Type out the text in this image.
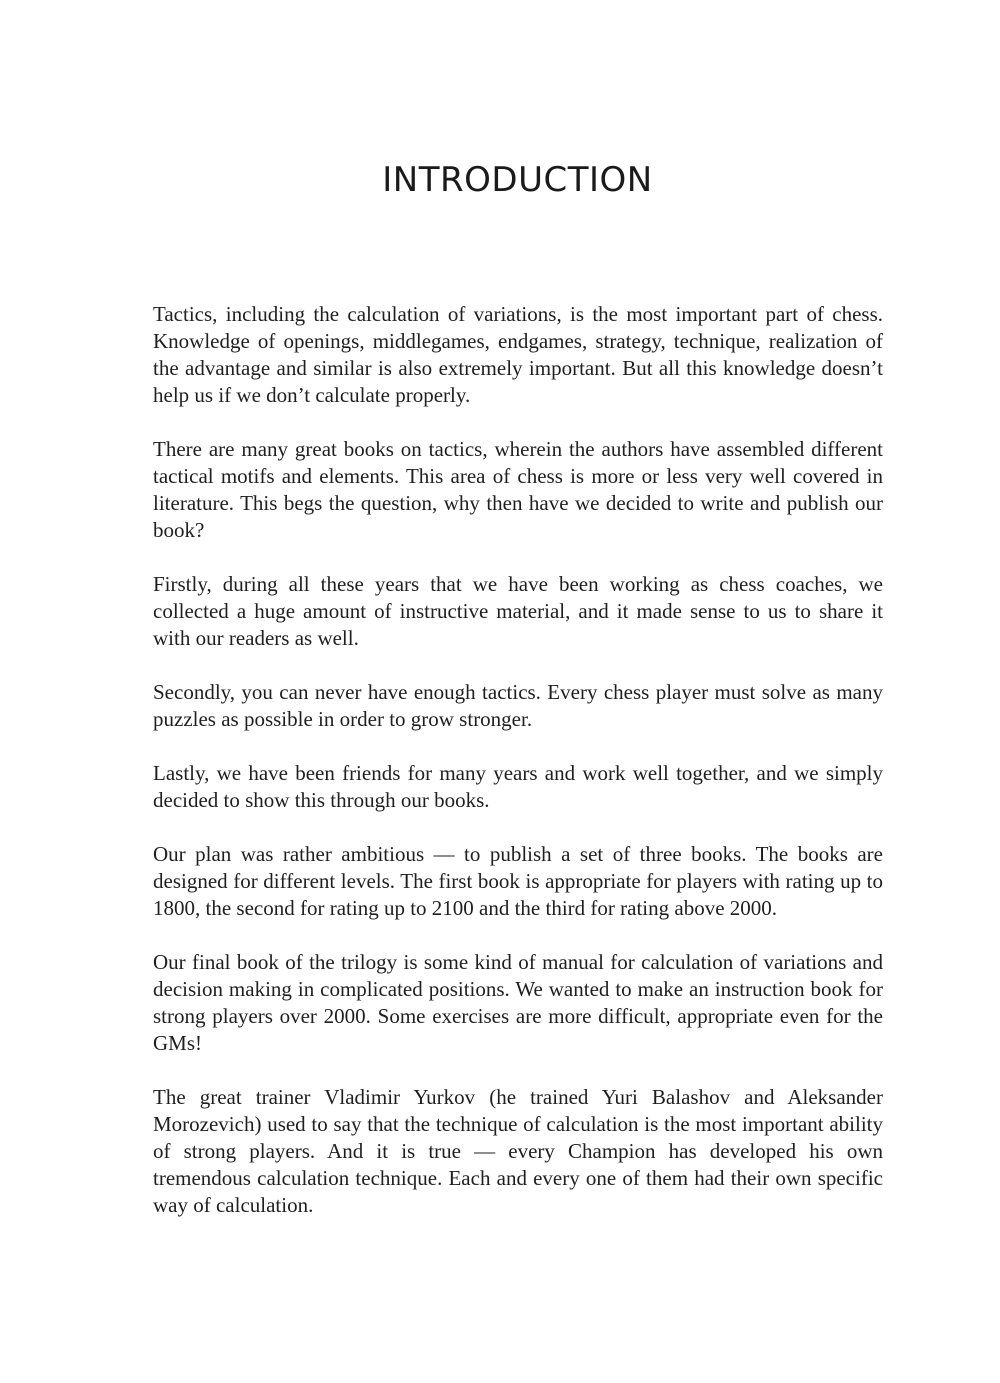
INTRODUCTION

Tactics, including the calculation of variations, is the most important part of chess. Knowledge of openings, middlegames, endgames, strategy, technique, realization of the advantage and similar is also extremely important. But all this knowledge doesn’t help us if we don’t calculate properly.

There are many great books on tactics, wherein the authors have assembled different tactical motifs and elements. This area of chess is more or less very well covered in literature. This begs the question, why then have we decided to write and publish our book?

Firstly, during all these years that we have been working as chess coaches, we collected a huge amount of instructive material, and it made sense to us to share it with our readers as well.

Secondly, you can never have enough tactics. Every chess player must solve as many puzzles as possible in order to grow stronger.

Lastly, we have been friends for many years and work well together, and we simply decided to show this through our books.

Our plan was rather ambitious — to publish a set of three books. The books are designed for different levels. The first book is appropriate for players with rating up to 1800, the second for rating up to 2100 and the third for rating above 2000.

Our final book of the trilogy is some kind of manual for calculation of variations and decision making in complicated positions. We wanted to make an instruction book for strong players over 2000. Some exercises are more difficult, appropriate even for the GMs!

The great trainer Vladimir Yurkov (he trained Yuri Balashov and Aleksander Morozevich) used to say that the technique of calculation is the most important ability of strong players. And it is true — every Champion has developed his own tremendous calculation technique. Each and every one of them had their own specific way of calculation.
